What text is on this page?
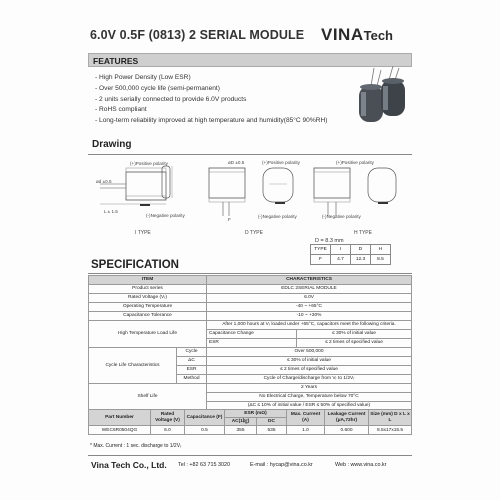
6.0V 0.5F (0813) 2 SERIAL MODULE VINATech
FEATURES
- High Power Density (Low ESR)
- Over 500,000 cycle life (semi-permanent)
- 2 units serially connected to provide 6.0V products
- RoHS compliant
- Long-term reliability improved at high temperature and humidity(85°C 90%RH)
Drawing
(+)Positive polarity
ød ±0.5
L ± 1.5
(-)Negative polarity
I TYPE
øD ±0.5	(+)Positive polarity
F
(-)Negative polarity
D TYPE
(+)Positive polarity
(-)Negative polarity
H TYPE
D = 8.3 mm
TYPE	I	D	H
F	4.7	12.3	8.5
SPECIFICATION
ITEM		CHARACTERISTICS	
Product series		EDLC 2SERIAL MODULE	
Rated Voltage (Vᵣ)		6.0V	
Operating Temperature		-40 ~ +65°C	
Capacitance Tolerance		-10 ~ +30%	
High Temperature Load Life		After 1,000 hours at Vᵣ loaded under +65°C, capacitors meet the following criteria.	
		Capacitance Change	≤ 30% of initial value
		ESR	≤ 2 times of specified value
Cycle Life Characteristics	Cycle	Over 500,000	
	ΔC	≤ 30% of initial value	
	ESR	≤ 2 times of specified value	
	Method	Cycle of Charge/discharge from Vᵣ to 1/2Vᵣ	
Shelf Life		2 Years	
		No Electrical Charge, Temperature below 70°C	
		(ΔC ≤ 10% of initial value / ESR ≤ 50% of specified value)	
Part Number	Rated Voltage (V)	Capacitance (F)	ESR (mΩ)		Max. Current (A)	Leakage Current (μA,72hr)	Size (mm) D x L x L
			AC(1㎏)	DC			
WEC6R0504QG	6.0	0.5	355	535	1.0	0.600	8.5x17x15.5
* Max. Current : 1 sec. discharge to 1/2Vᵣ
Vina Tech Co., Ltd. Tel : +82 63 715 3020	E-mail : hycap@vina.co.kr	Web : www.vina.co.kr
